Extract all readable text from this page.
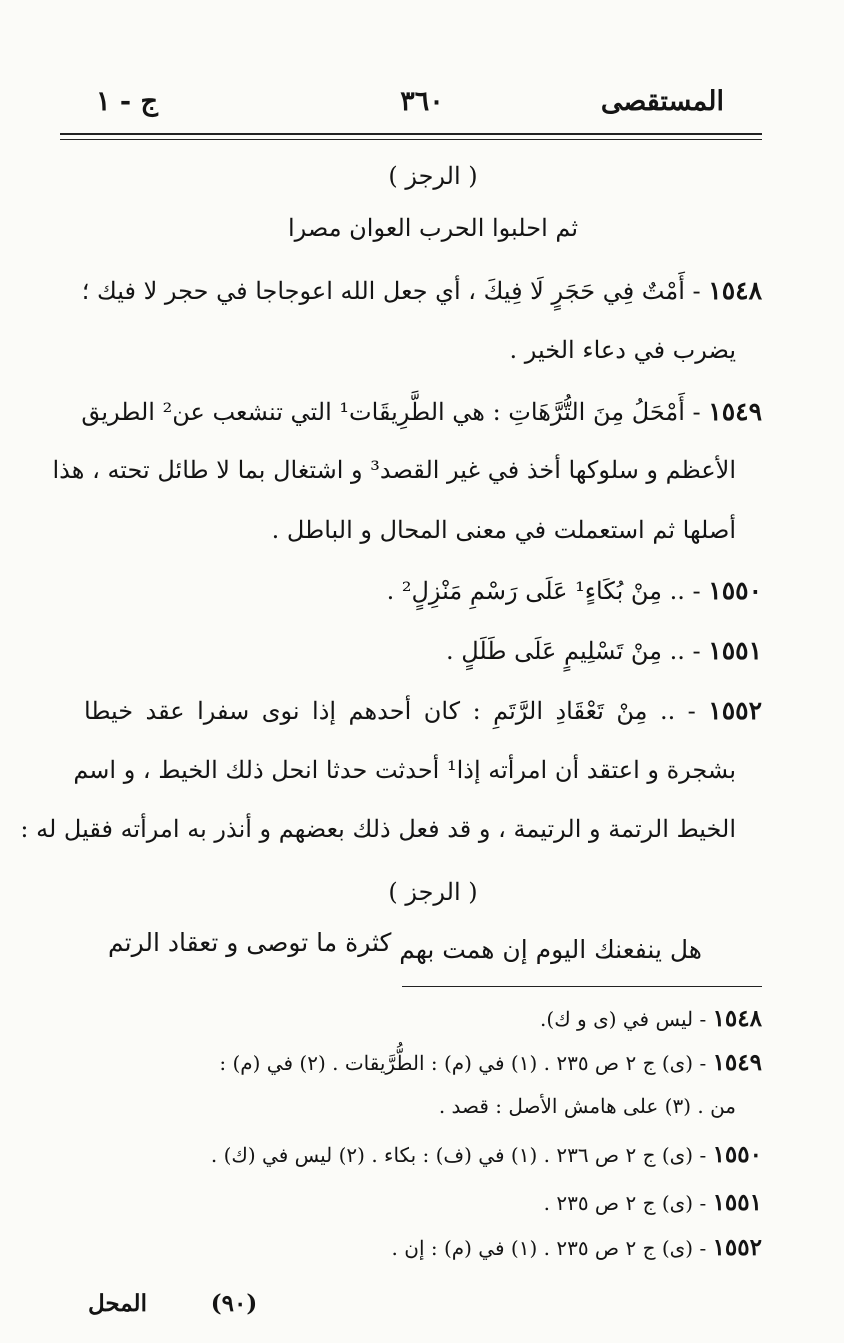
المستقصى
٣٦٠
ج - ١
( الرجز )
ثم احلبوا الحرب العوان مصرا
١٥٤٨ - أَمْتٌ فِي حَجَرٍ لَا فِيكَ ، أي جعل الله اعوجاجا في حجر لا فيك ؛
يضرب في دعاء الخير .
١٥٤٩ - أَمْحَلُ مِنَ التُّرَّهَاتِ : هي الطَّرِيقَات¹ التي تنشعب عن² الطريق
الأعظم و سلوكها أخذ في غير القصد³ و اشتغال بما لا طائل تحته ، هذا
أصلها ثم استعملت في معنى المحال و الباطل .
١٥٥٠ - .. مِنْ بُكَاءٍ¹ عَلَى رَسْمِ مَنْزِلٍ² .
١٥٥١ - .. مِنْ تَسْلِيمٍ عَلَى طَلَلٍ .
١٥٥٢ - .. مِنْ تَعْقَادِ الرَّتَمِ : كان أحدهم إذا نوى سفرا عقد خيطا
بشجرة و اعتقد أن امرأته إذا¹ أحدثت حدثا انحل ذلك الخيط ، و اسم
الخيط الرتمة و الرتيمة ، و قد فعل ذلك بعضهم و أنذر به امرأته فقيل له :
( الرجز )
هل ينفعنك اليوم إن همت بهم
كثرة ما توصى و تعقاد الرتم
١٥٤٨ - ليس في (ى و ك).
١٥٤٩ - (ى) ج ٢ ص ٢٣٥ . (١) في (م) : الطُّرَّيقات . (٢) في (م) :
من . (٣) على هامش الأصل : قصد .
١٥٥٠ - (ى) ج ٢ ص ٢٣٦ . (١) في (ف) : بكاء . (٢) ليس في (ك) .
١٥٥١ - (ى) ج ٢ ص ٢٣٥ .
١٥٥٢ - (ى) ج ٢ ص ٢٣٥ . (١) في (م) : إن .
(٩٠)
المحل
